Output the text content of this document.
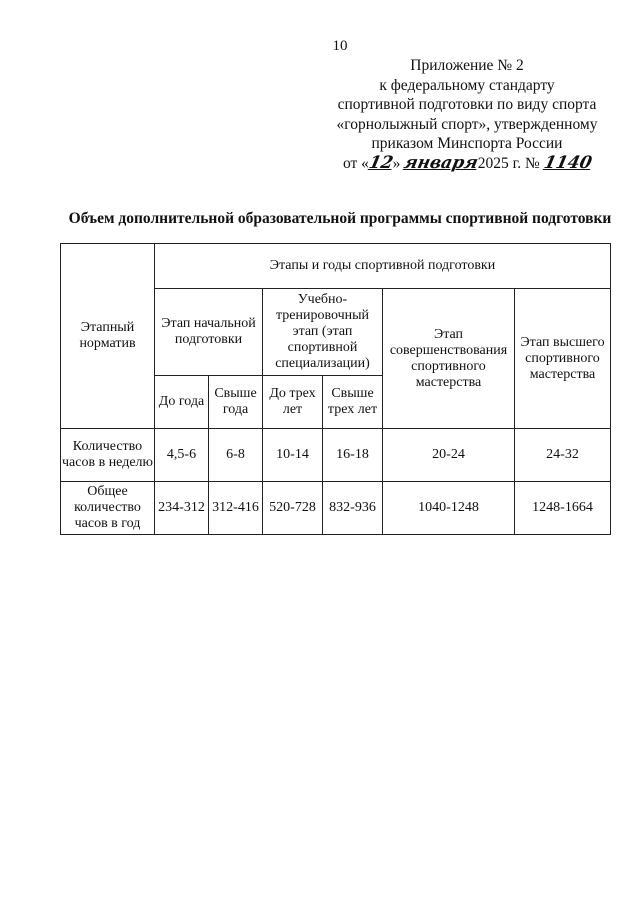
10
Приложение № 2
к федеральному стандарту
спортивной подготовки по виду спорта
«горнолыжный спорт», утвержденному
приказом Минспорта России
от «12» января2025 г. № 1140
Объем дополнительной образовательной программы спортивной подготовки
Этапный норматив	Этапы и годы спортивной подготовки					
	Этап начальной подготовки		Учебно-тренировочный этап (этап спортивной специализации)		Этап совершенствования спортивного мастерства	Этап высшего спортивного мастерства
	До года	Свыше года	До трех лет	Свыше трех лет		
Количество часов в неделю	4,5-6	6-8	10-14	16-18	20-24	24-32
Общее количество часов в год	234-312	312-416	520-728	832-936	1040-1248	1248-1664
